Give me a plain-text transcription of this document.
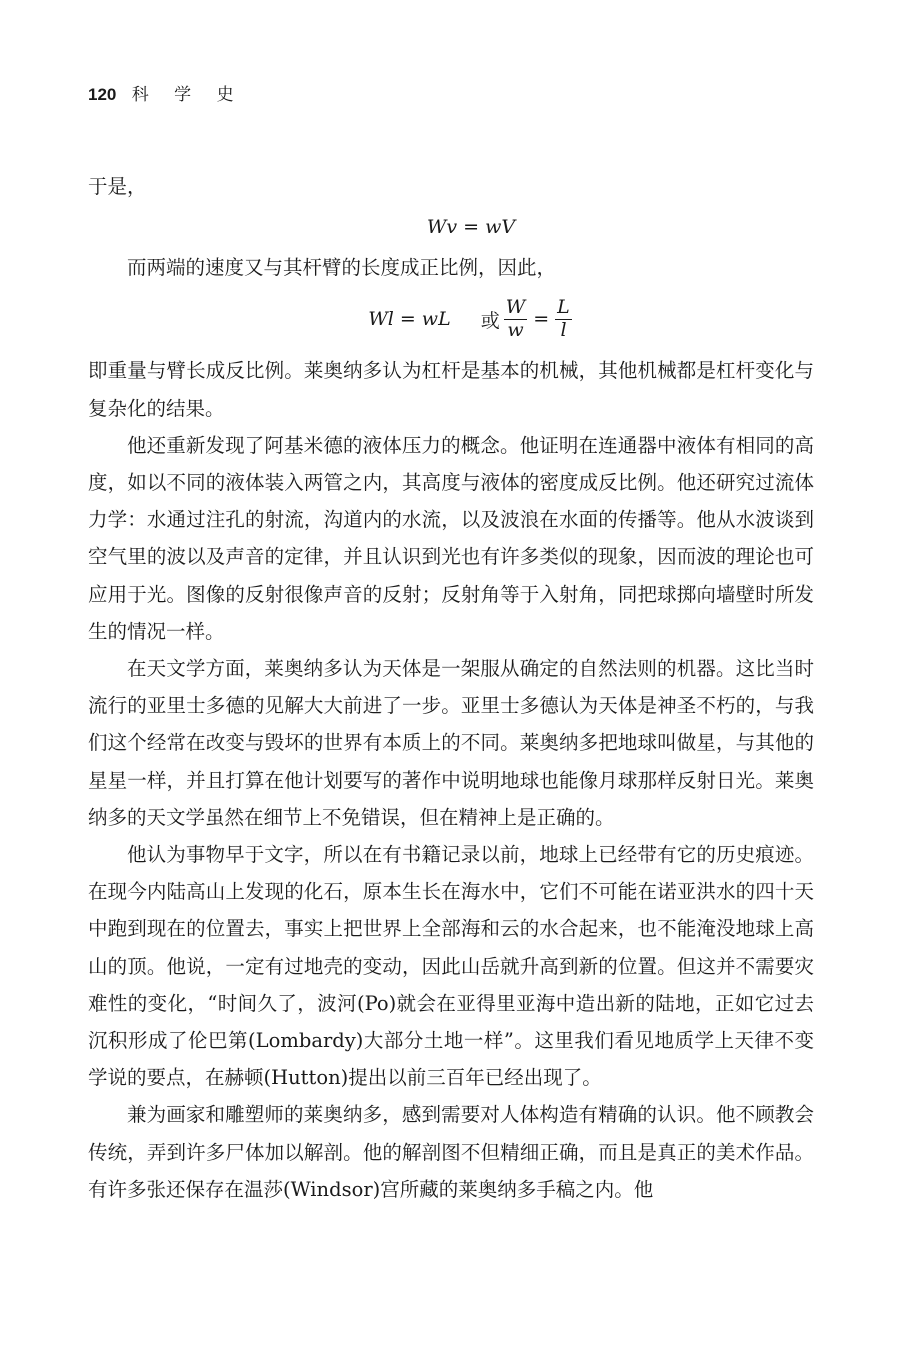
120 科 学 史

于是，

Wv = wV

而两端的速度又与其杆臂的长度成正比例，因此，

Wl = wL 或 $\frac{W}{w} = \frac{L}{l}$

即重量与臂长成反比例。莱奥纳多认为杠杆是基本的机械，其他机械都是杠杆变化与复杂化的结果。

他还重新发现了阿基米德的液体压力的概念。他证明在连通器中液体有相同的高度，如以不同的液体装入两管之内，其高度与液体的密度成反比例。他还研究过流体力学：水通过注孔的射流，沟道内的水流，以及波浪在水面的传播等。他从水波谈到空气里的波以及声音的定律，并且认识到光也有许多类似的现象，因而波的理论也可应用于光。图像的反射很像声音的反射；反射角等于入射角，同把球掷向墙壁时所发生的情况一样。

在天文学方面，莱奥纳多认为天体是一架服从确定的自然法则的机器。这比当时流行的亚里士多德的见解大大前进了一步。亚里士多德认为天体是神圣不朽的，与我们这个经常在改变与毁坏的世界有本质上的不同。莱奥纳多把地球叫做星，与其他的星星一样，并且打算在他计划要写的著作中说明地球也能像月球那样反射日光。莱奥纳多的天文学虽然在细节上不免错误，但在精神上是正确的。

他认为事物早于文字，所以在有书籍记录以前，地球上已经带有它的历史痕迹。在现今内陆高山上发现的化石，原本生长在海水中，它们不可能在诺亚洪水的四十天中跑到现在的位置去，事实上把世界上全部海和云的水合起来，也不能淹没地球上高山的顶。他说，一定有过地壳的变动，因此山岳就升高到新的位置。但这并不需要灾难性的变化，“时间久了，波河(Po)就会在亚得里亚海中造出新的陆地，正如它过去沉积形成了伦巴第(Lombardy)大部分土地一样”。这里我们看见地质学上天律不变学说的要点，在赫顿(Hutton)提出以前三百年已经出现了。

兼为画家和雕塑师的莱奥纳多，感到需要对人体构造有精确的认识。他不顾教会传统，弄到许多尸体加以解剖。他的解剖图不但精细正确，而且是真正的美术作品。有许多张还保存在温莎(Windsor)宫所藏的莱奥纳多手稿之内。他
